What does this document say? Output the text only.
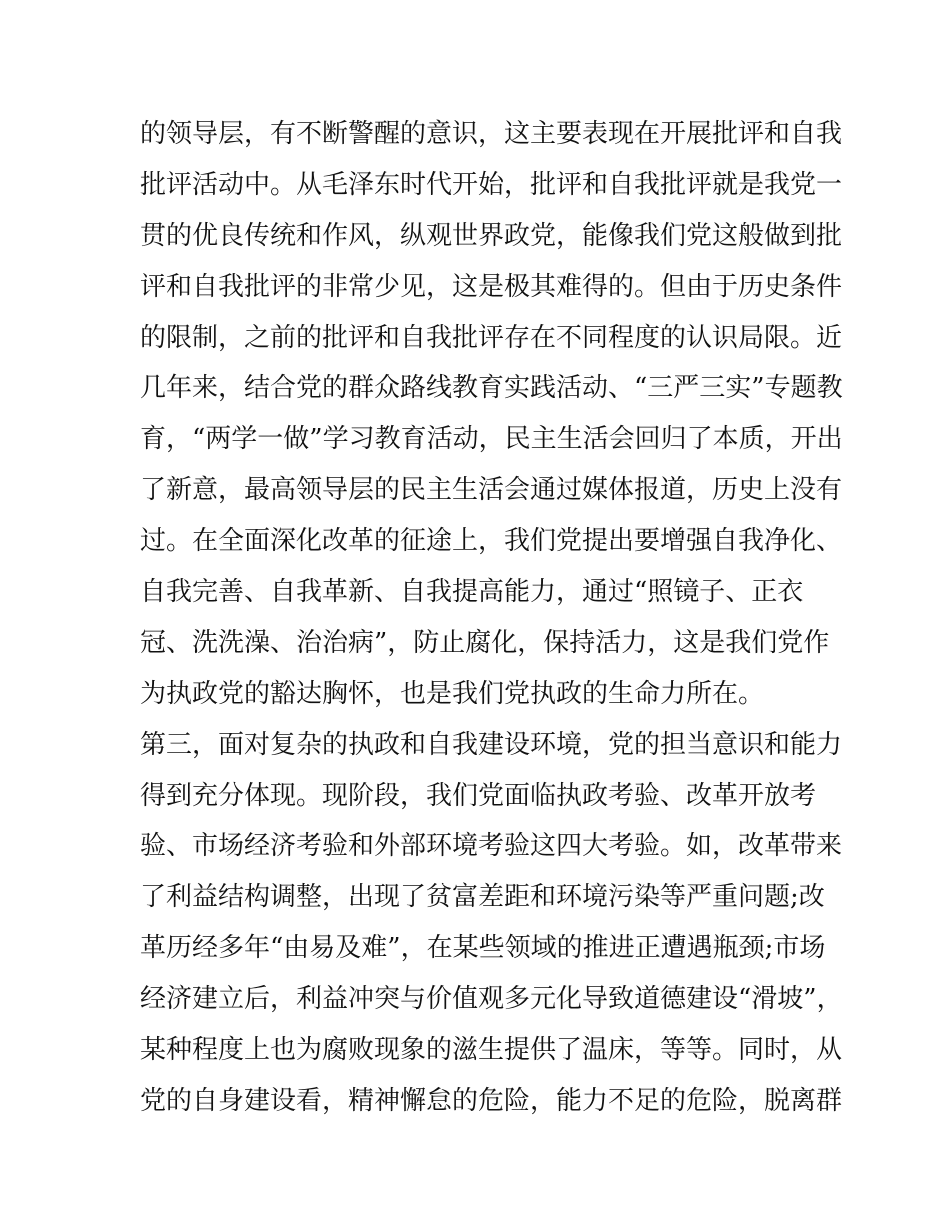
的领导层，有不断警醒的意识，这主要表现在开展批评和自我
批评活动中。从毛泽东时代开始，批评和自我批评就是我党一
贯的优良传统和作风，纵观世界政党，能像我们党这般做到批
评和自我批评的非常少见，这是极其难得的。但由于历史条件
的限制，之前的批评和自我批评存在不同程度的认识局限。近
几年来，结合党的群众路线教育实践活动、“三严三实”专题教
育，“两学一做”学习教育活动，民主生活会回归了本质，开出
了新意，最高领导层的民主生活会通过媒体报道，历史上没有
过。在全面深化改革的征途上，我们党提出要增强自我净化、
自我完善、自我革新、自我提高能力，通过“照镜子、正衣
冠、洗洗澡、治治病”，防止腐化，保持活力，这是我们党作
为执政党的豁达胸怀，也是我们党执政的生命力所在。
第三，面对复杂的执政和自我建设环境，党的担当意识和能力
得到充分体现。现阶段，我们党面临执政考验、改革开放考
验、市场经济考验和外部环境考验这四大考验。如，改革带来
了利益结构调整，出现了贫富差距和环境污染等严重问题;改
革历经多年“由易及难”，在某些领域的推进正遭遇瓶颈;市场
经济建立后，利益冲突与价值观多元化导致道德建设“滑坡”，
某种程度上也为腐败现象的滋生提供了温床，等等。同时，从
党的自身建设看，精神懈怠的危险，能力不足的危险，脱离群
